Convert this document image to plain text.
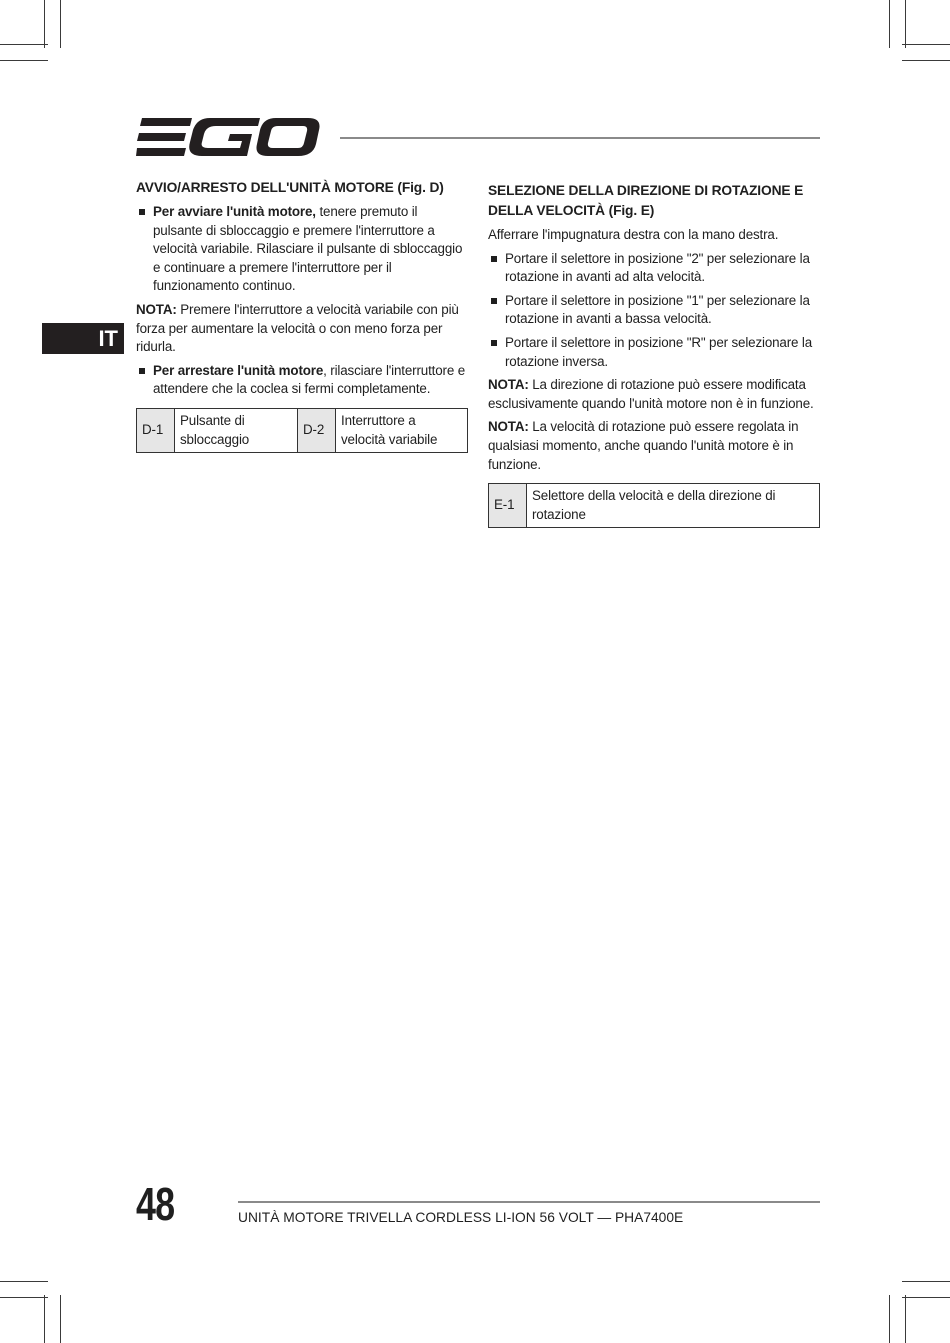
IT
AVVIO/ARRESTO DELL'UNITÀ MOTORE (Fig. D)
Per avviare l'unità motore, tenere premuto il pulsante di sbloccaggio e premere l'interruttore a velocità variabile. Rilasciare il pulsante di sbloccaggio e continuare a premere l'interruttore per il funzionamento continuo.
NOTA: Premere l'interruttore a velocità variabile con più forza per aumentare la velocità o con meno forza per ridurla.
Per arrestare l'unità motore, rilasciare l'interruttore e attendere che la coclea si fermi completamente.
D-1	Pulsante di sbloccaggio	D-2	Interruttore a velocità variabile
SELEZIONE DELLA DIREZIONE DI ROTAZIONE E DELLA VELOCITÀ (Fig. E)
Afferrare l'impugnatura destra con la mano destra.
Portare il selettore in posizione "2" per selezionare la rotazione in avanti ad alta velocità.
Portare il selettore in posizione "1" per selezionare la rotazione in avanti a bassa velocità.
Portare il selettore in posizione "R" per selezionare la rotazione inversa.
NOTA: La direzione di rotazione può essere modificata esclusivamente quando l'unità motore non è in funzione.
NOTA: La velocità di rotazione può essere regolata in qualsiasi momento, anche quando l'unità motore è in funzione.
E-1	Selettore della velocità e della direzione di rotazione
48	UNITÀ MOTORE TRIVELLA CORDLESS LI-ION 56 VOLT — PHA7400E
